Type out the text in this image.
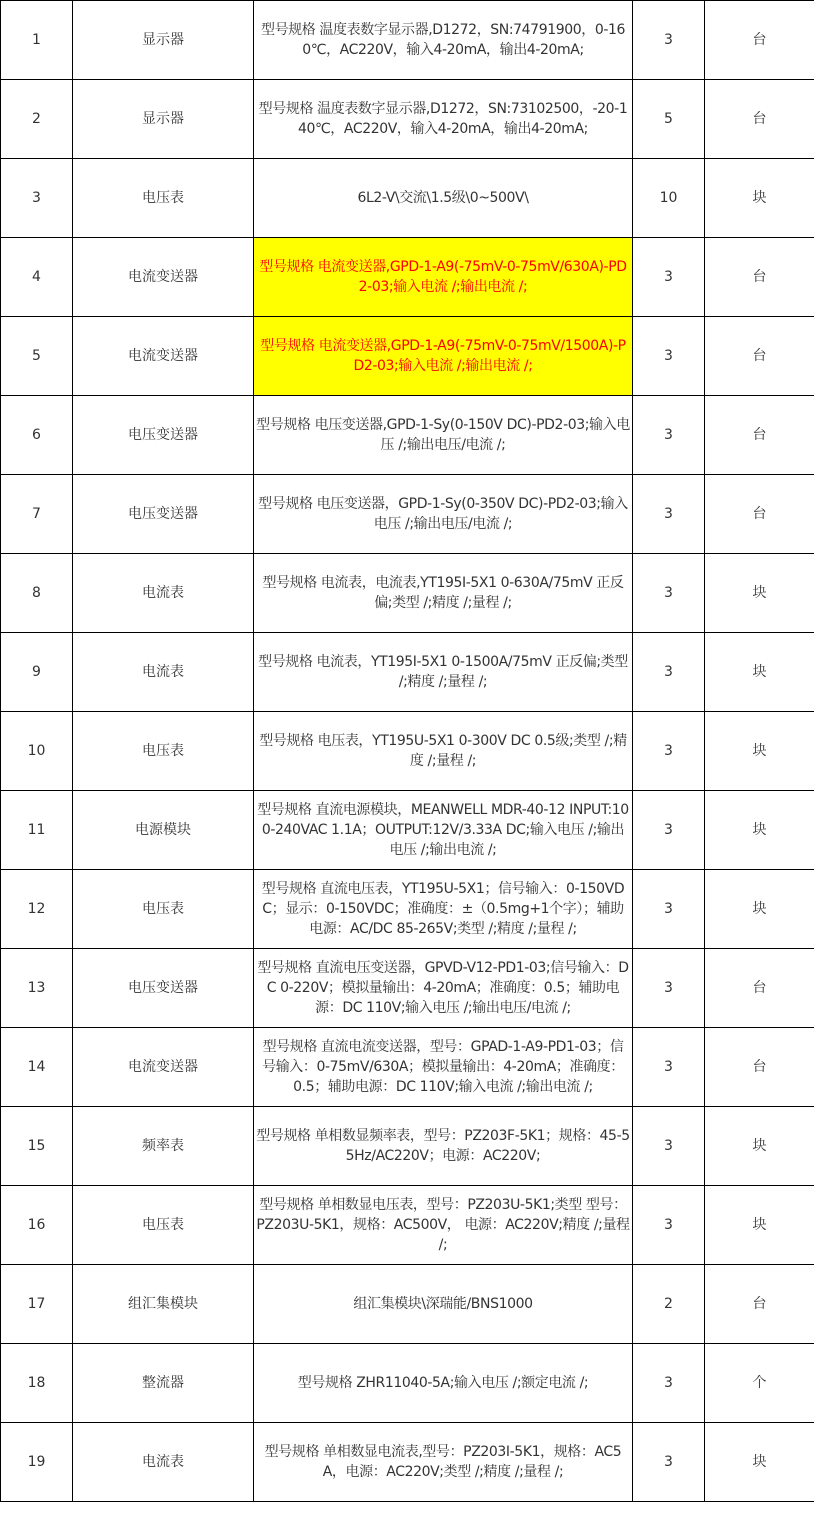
1	显示器	型号规格 温度表数字显示器,D1272，SN:74791900，0-160℃，AC220V，输入4-20mA，输出4-20mA;	3	台
2	显示器	型号规格 温度表数字显示器,D1272，SN:73102500，-20-140℃，AC220V，输入4-20mA，输出4-20mA;	5	台
3	电压表	6L2-V\交流\1.5级\0~500V\	10	块
4	电流变送器	型号规格 电流变送器,GPD-1-A9(-75mV-0-75mV/630A)-PD2-03;输入电流 /;输出电流 /;	3	台
5	电流变送器	型号规格 电流变送器,GPD-1-A9(-75mV-0-75mV/1500A)-PD2-03;输入电流 /;输出电流 /;	3	台
6	电压变送器	型号规格 电压变送器,GPD-1-Sy(0-150V DC)-PD2-03;输入电压 /;输出电压/电流 /;	3	台
7	电压变送器	型号规格 电压变送器，GPD-1-Sy(0-350V DC)-PD2-03;输入电压 /;输出电压/电流 /;	3	台
8	电流表	型号规格 电流表，电流表,YT195I-5X1 0-630A/75mV 正反偏;类型 /;精度 /;量程 /;	3	块
9	电流表	型号规格 电流表，YT195I-5X1 0-1500A/75mV 正反偏;类型 /;精度 /;量程 /;	3	块
10	电压表	型号规格 电压表，YT195U-5X1 0-300V DC 0.5级;类型 /;精度 /;量程 /;	3	块
11	电源模块	型号规格 直流电源模块，MEANWELL MDR-40-12 INPUT:100-240VAC 1.1A；OUTPUT:12V/3.33A DC;输入电压 /;输出电压 /;输出电流 /;	3	块
12	电压表	型号规格 直流电压表，YT195U-5X1；信号输入：0-150VDC；显示：0-150VDC；准确度：±（0.5mg+1个字）；辅助电源：AC/DC 85-265V;类型 /;精度 /;量程 /;	3	块
13	电压变送器	型号规格 直流电压变送器，GPVD-V12-PD1-03;信号输入：DC 0-220V；模拟量输出：4-20mA；准确度：0.5；辅助电源：DC 110V;输入电压 /;输出电压/电流 /;	3	台
14	电流变送器	型号规格 直流电流变送器，型号：GPAD-1-A9-PD1-03；信号输入：0-75mV/630A；模拟量输出：4-20mA；准确度：0.5；辅助电源：DC 110V;输入电流 /;输出电流 /;	3	台
15	频率表	型号规格 单相数显频率表，型号：PZ203F-5K1；规格：45-55Hz/AC220V；电源：AC220V;	3	块
16	电压表	型号规格 单相数显电压表，型号：PZ203U-5K1;类型 型号：PZ203U-5K1，规格：AC500V， 电源：AC220V;精度 /;量程 /;	3	块
17	组汇集模块	组汇集模块\深瑞能/BNS1000	2	台
18	整流器	型号规格 ZHR11040-5A;输入电压 /;额定电流 /;	3	个
19	电流表	型号规格 单相数显电流表,型号：PZ203I-5K1，规格：AC5A，电源：AC220V;类型 /;精度 /;量程 /;	3	块
